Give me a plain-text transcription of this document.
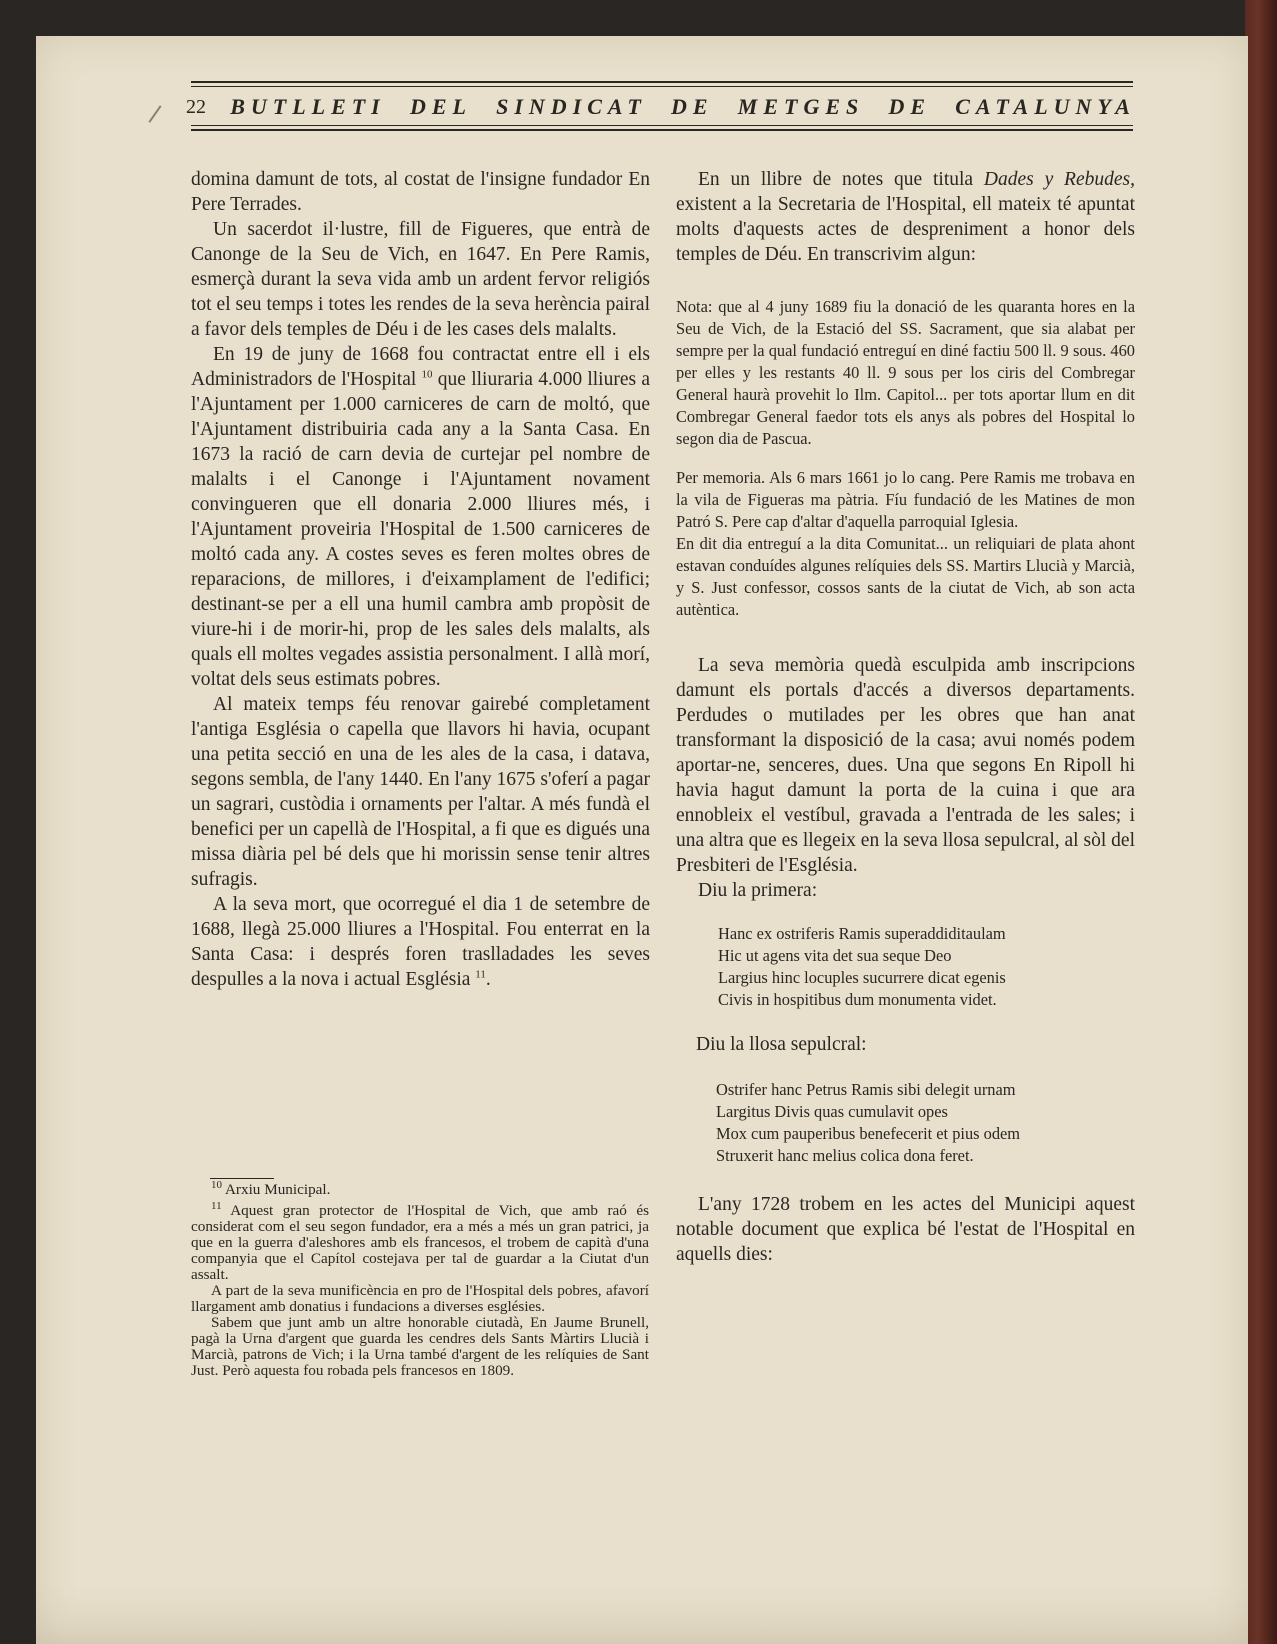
22 BUTLLETI DEL SINDICAT DE METGES DE CATALUNYA

domina damunt de tots, al costat de l'insigne fundador En Pere Terrades.

Un sacerdot il·lustre, fill de Figueres, que entrà de Canonge de la Seu de Vich, en 1647. En Pere Ramis, esmerçà durant la seva vida amb un ardent fervor religiós tot el seu temps i totes les rendes de la seva herència pairal a favor dels temples de Déu i de les cases dels malalts.

En 19 de juny de 1668 fou contractat entre ell i els Administradors de l'Hospital $^{10}$ que lliuraria 4.000 lliures a l'Ajuntament per 1.000 carniceres de carn de moltó, que l'Ajuntament distribuiria cada any a la Santa Casa. En 1673 la ració de carn devia de curtejar pel nombre de malalts i el Canonge i l'Ajuntament novament convingueren que ell donaria 2.000 lliures més, i l'Ajuntament proveiria l'Hospital de 1.500 carniceres de moltó cada any. A costes seves es feren moltes obres de reparacions, de millores, i d'eixamplament de l'edifici; destinant-se per a ell una humil cambra amb propòsit de viure-hi i de morir-hi, prop de les sales dels malalts, als quals ell moltes vegades assistia personalment. I allà morí, voltat dels seus estimats pobres.

Al mateix temps féu renovar gairebé completament l'antiga Església o capella que llavors hi havia, ocupant una petita secció en una de les ales de la casa, i datava, segons sembla, de l'any 1440. En l'any 1675 s'oferí a pagar un sagrari, custòdia i ornaments per l'altar. A més fundà el benefici per un capellà de l'Hospital, a fi que es digués una missa diària pel bé dels que hi morissin sense tenir altres sufragis.

A la seva mort, que ocorregué el dia 1 de setembre de 1688, llegà 25.000 lliures a l'Hospital. Fou enterrat en la Santa Casa: i després foren traslladades les seves despulles a la nova i actual Església $^{11}$.

$^{10}$ Arxiu Municipal.

$^{11}$ Aquest gran protector de l'Hospital de Vich, que amb raó és considerat com el seu segon fundador, era a més a més un gran patrici, ja que en la guerra d'aleshores amb els francesos, el trobem de capità d'una companyia que el Capítol costejava per tal de guardar a la Ciutat d'un assalt.

A part de la seva munificència en pro de l'Hospital dels pobres, afavorí llargament amb donatius i fundacions a diverses esglésies.

Sabem que junt amb un altre honorable ciutadà, En Jaume Brunell, pagà la Urna d'argent que guarda les cendres dels Sants Màrtirs Llucià i Marcià, patrons de Vich; i la Urna també d'argent de les relíquies de Sant Just. Però aquesta fou robada pels francesos en 1809.

En un llibre de notes que titula Dades y Rebudes, existent a la Secretaria de l'Hospital, ell mateix té apuntat molts d'aquests actes de despreniment a honor dels temples de Déu. En transcrivim algun:

Nota: que al 4 juny 1689 fiu la donació de les quaranta hores en la Seu de Vich, de la Estació del SS. Sacrament, que sia alabat per sempre per la qual fundació entreguí en diné factiu 500 ll. 9 sous. 460 per elles y les restants 40 ll. 9 sous per los ciris del Combregar General haurà provehit lo Ilm. Capitol... per tots aportar llum en dit Combregar General faedor tots els anys als pobres del Hospital lo segon dia de Pascua.

Per memoria. Als 6 mars 1661 jo lo cang. Pere Ramis me trobava en la vila de Figueras ma pàtria. Fíu fundació de les Matines de mon Patró S. Pere cap d'altar d'aquella parroquial Iglesia.

En dit dia entreguí a la dita Comunitat... un reliquiari de plata ahont estavan conduídes algunes relíquies dels SS. Martirs Llucià y Marcià, y S. Just confessor, cossos sants de la ciutat de Vich, ab son acta autèntica.

La seva memòria quedà esculpida amb inscripcions damunt els portals d'accés a diversos departaments. Perdudes o mutilades per les obres que han anat transformant la disposició de la casa; avui només podem aportar-ne, senceres, dues. Una que segons En Ripoll hi havia hagut damunt la porta de la cuina i que ara ennobleix el vestíbul, gravada a l'entrada de les sales; i una altra que es llegeix en la seva llosa sepulcral, al sòl del Presbiteri de l'Església.

Diu la primera:

Hanc ex ostriferis Ramis superaddiditaulam
Hic ut agens vita det sua seque Deo
Largius hinc locuples sucurrere dicat egenis
Civis in hospitibus dum monumenta videt.

Diu la llosa sepulcral:

Ostrifer hanc Petrus Ramis sibi delegit urnam
Largitus Divis quas cumulavit opes
Mox cum pauperibus benefecerit et pius odem
Struxerit hanc melius colica dona feret.

L'any 1728 trobem en les actes del Municipi aquest notable document que explica bé l'estat de l'Hospital en aquells dies:
